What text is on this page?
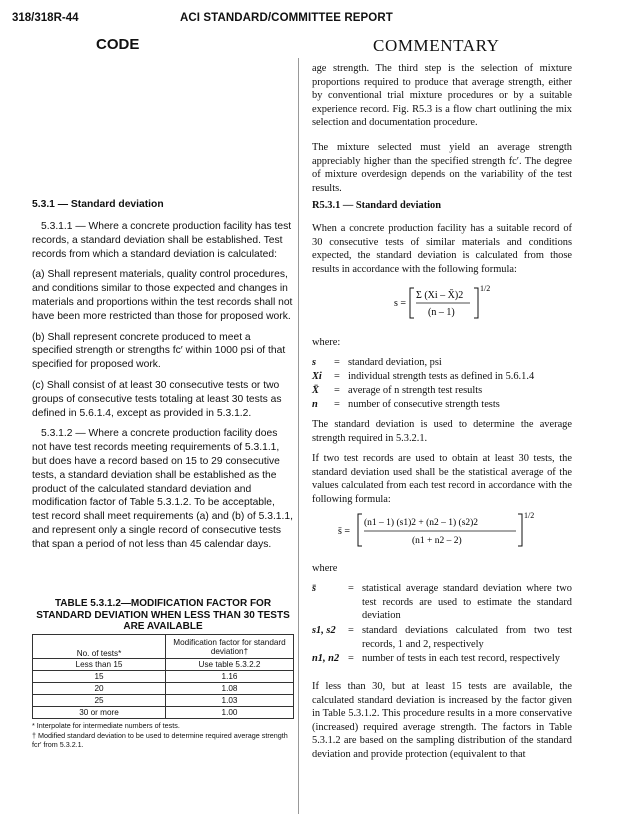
318/318R-44	ACI STANDARD/COMMITTEE REPORT
CODE	COMMENTARY
5.3.1 — Standard deviation

5.3.1.1 — Where a concrete production facility has test records, a standard deviation shall be established. Test records from which a standard deviation is calculated:

(a) Shall represent materials, quality control procedures, and conditions similar to those expected and changes in materials and proportions within the test records shall not have been more restricted than those for proposed work.

(b) Shall represent concrete produced to meet a specified strength or strengths fc′ within 1000 psi of that specified for proposed work.

(c) Shall consist of at least 30 consecutive tests or two groups of consecutive tests totaling at least 30 tests as defined in 5.6.1.4, except as provided in 5.3.1.2.

5.3.1.2 — Where a concrete production facility does not have test records meeting requirements of 5.3.1.1, but does have a record based on 15 to 29 consecutive tests, a standard deviation shall be established as the product of the calculated standard deviation and modification factor of Table 5.3.1.2. To be acceptable, test record shall meet requirements (a) and (b) of 5.3.1.1, and represent only a single record of consecutive tests that span a period of not less than 45 calendar days.

TABLE 5.3.1.2—MODIFICATION FACTOR FOR STANDARD DEVIATION WHEN LESS THAN 30 TESTS ARE AVAILABLE
No. of tests*	Modification factor for standard deviation†
Less than 15	Use table 5.3.2.2
15	1.16
20	1.08
25	1.03
30 or more	1.00
* Interpolate for intermediate numbers of tests.
† Modified standard deviation to be used to determine required average strength fcr′ from 5.3.2.1.

age strength. The third step is the selection of mixture proportions required to produce that average strength, either by conventional trial mixture procedures or by a suitable experience record. Fig. R5.3 is a flow chart outlining the mix selection and documentation procedure.

The mixture selected must yield an average strength appreciably higher than the specified strength fc′. The degree of mixture overdesign depends on the variability of the test results.

R5.3.1 — Standard deviation
When a concrete production facility has a suitable record of 30 consecutive tests of similar materials and conditions expected, the standard deviation is calculated from those results in accordance with the following formula:
s =
Σ (Xi – X̄)2
(n – 1)
1/2
where:
s = standard deviation, psi
Xi = individual strength tests as defined in 5.6.1.4
X̄ = average of n strength test results
n = number of consecutive strength tests
The standard deviation is used to determine the average strength required in 5.3.2.1.
If two test records are used to obtain at least 30 tests, the standard deviation used shall be the statistical average of the values calculated from each test record in accordance with the following formula:
s̄ =
(n1 – 1) (s1)2 + (n2 – 1) (s2)2
(n1 + n2 – 2)
1/2
where
s̄	= statistical average standard deviation where two test records are used to estimate the standard deviation
s1, s2 = standard deviations calculated from two test records, 1 and 2, respectively
n1, n2 = number of tests in each test record, respectively
If less than 30, but at least 15 tests are available, the calculated standard deviation is increased by the factor given in Table 5.3.1.2. This procedure results in a more conservative (increased) required average strength. The factors in Table 5.3.1.2 are based on the sampling distribution of the standard deviation and provide protection (equivalent to that
